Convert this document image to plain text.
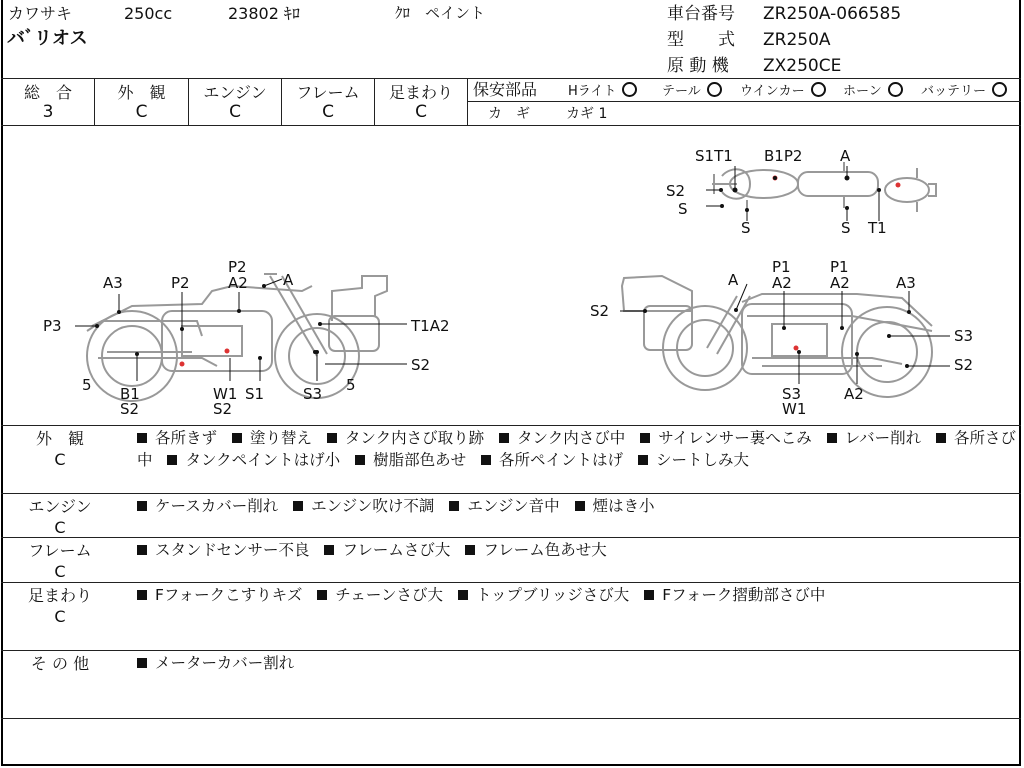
カワサキ	250cc	23802 ｷﾛ	ｸﾛ　ペイント
バﾞリオス
車台番号 ZR250A-066585
型　　式 ZR250A
原 動 機 ZX250CE
総　合	外　観	エンジン	フレーム	足まわり
3	C	C	C	C
保安部品 Hライト	テール	ウインカー	ホーン	バッテリー
カ　ギ	カギ 1
S1T1 B1P2	A
S2
S
S	S T1
P2
A2 A
A3	P2
P3	T1A2
S2
5	5
B1
S2
W1
S2
S1	S3
P1	P1
A A2	A2	A3
S2
S3
S2
S3
W1
A2
外　観
C
各所きず 塗り替え タンク内さび取り跡 タンク内さび中 サイレンサー裏へこみ レバー削れ 各所さび中 タンクペイントはげ小 樹脂部色あせ 各所ペイントはげ シートしみ大
エンジン
C
ケースカバー削れ エンジン吹け不調 エンジン音中 煙はき小
フレーム
C
スタンドセンサー不良 フレームさび大 フレーム色あせ大
足まわり
C
Fフォークこすりキズ チェーンさび大 トップブリッジさび大 Fフォーク摺動部さび中
そ の 他	メーターカバー割れ
